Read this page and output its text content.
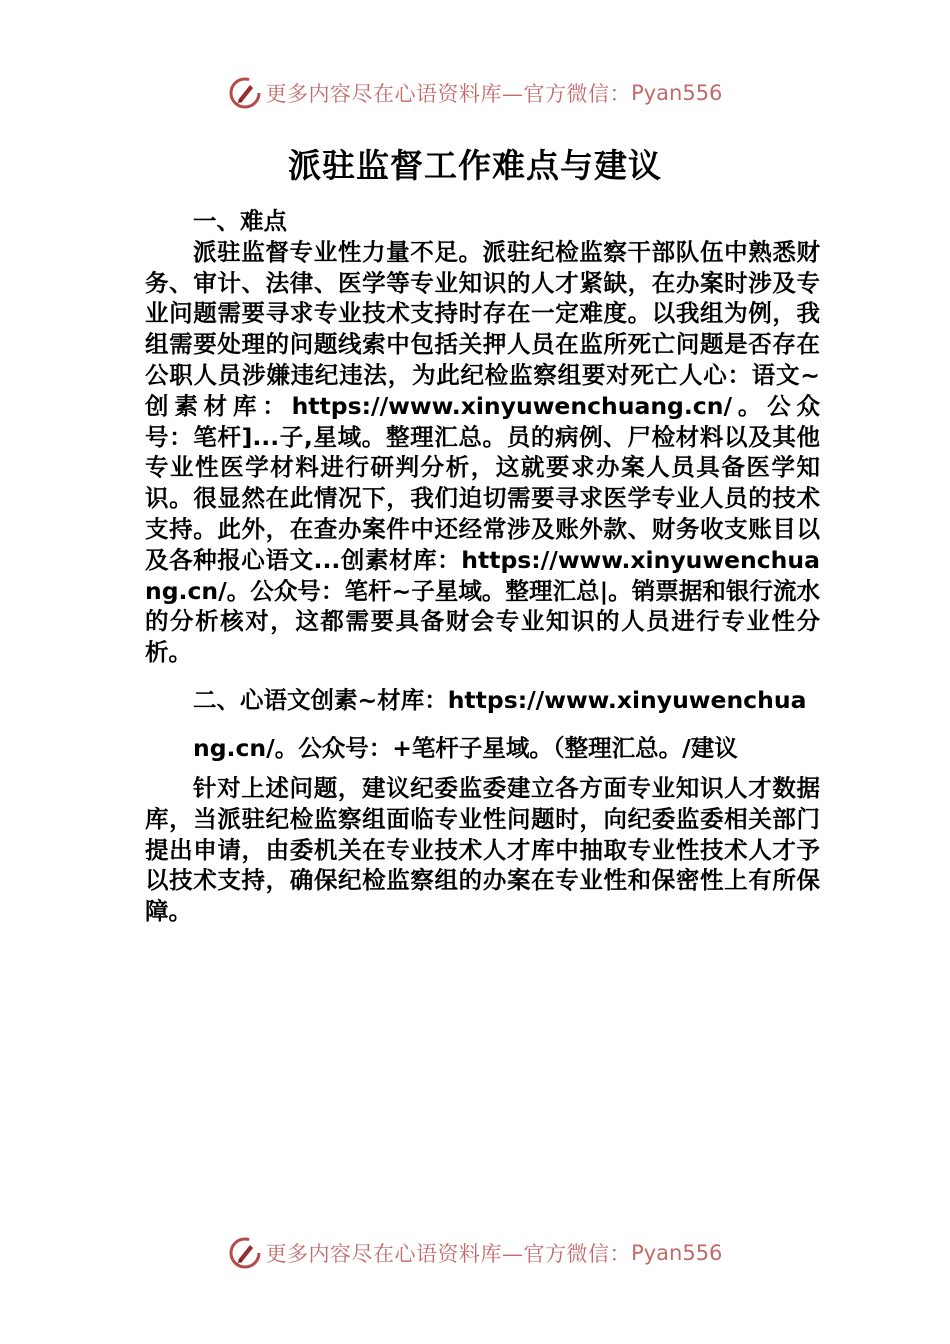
更多内容尽在心语资料库—官方微信： Pyan556
派驻监督工作难点与建议

一、难点

派驻监督专业性力量不足。派驻纪检监察干部队伍中熟悉财务、审计、法律、医学等专业知识的人才紧缺，在办案时涉及专业问题需要寻求专业技术支持时存在一定难度。以我组为例，我组需要处理的问题线索中包括关押人员在监所死亡问题是否存在公职人员涉嫌违纪违法，为此纪检监察组要对死亡人心：语文~创素材库：https://www.xinyuwenchuang.cn/。公众号：笔杆]...子,星域。整理汇总。员的病例、尸检材料以及其他专业性医学材料进行研判分析，这就要求办案人员具备医学知识。很显然在此情况下，我们迫切需要寻求医学专业人员的技术支持。此外，在查办案件中还经常涉及账外款、财务收支账目以及各种报心语文...创素材库：https://www.xinyuwenchuang.cn/。公众号：笔杆~子星域。整理汇总|。销票据和银行流水的分析核对，这都需要具备财会专业知识的人员进行专业性分析。

二、心语文创素~材库：https://www.xinyuwenchuang.cn/。公众号：+笔杆子星域。（整理汇总。/建议

针对上述问题，建议纪委监委建立各方面专业知识人才数据库，当派驻纪检监察组面临专业性问题时，向纪委监委相关部门提出申请，由委机关在专业技术人才库中抽取专业性技术人才予以技术支持，确保纪检监察组的办案在专业性和保密性上有所保障。

更多内容尽在心语资料库—官方微信： Pyan556
